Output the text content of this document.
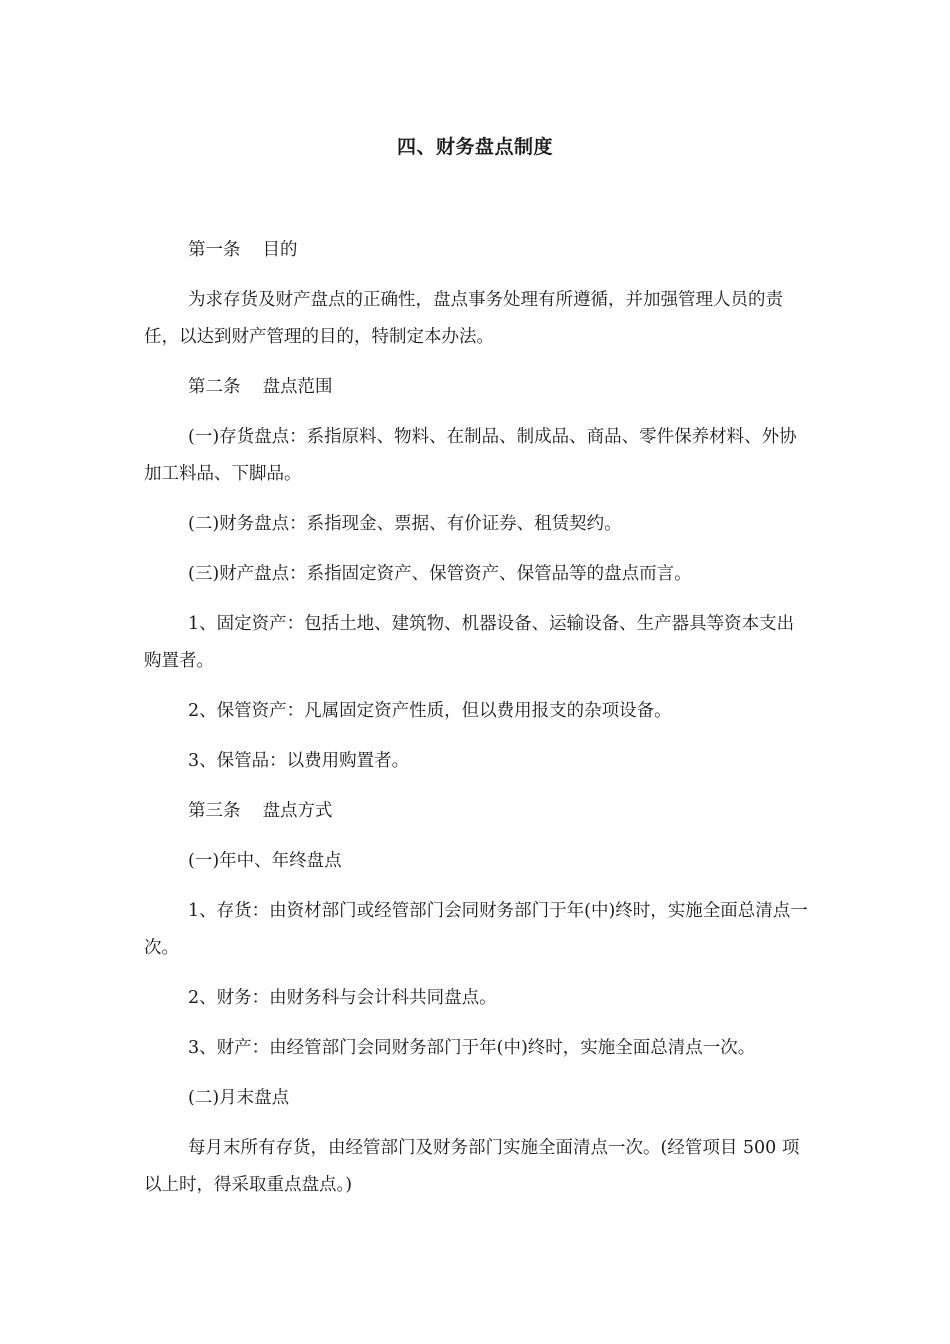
四、财务盘点制度

第一条 目的

为求存货及财产盘点的正确性，盘点事务处理有所遵循，并加强管理人员的责任，以达到财产管理的目的，特制定本办法。

第二条 盘点范围

(一)存货盘点：系指原料、物料、在制品、制成品、商品、零件保养材料、外协加工料品、下脚品。

(二)财务盘点：系指现金、票据、有价证券、租赁契约。

(三)财产盘点：系指固定资产、保管资产、保管品等的盘点而言。

1、固定资产：包括土地、建筑物、机器设备、运输设备、生产器具等资本支出购置者。

2、保管资产：凡属固定资产性质，但以费用报支的杂项设备。

3、保管品：以费用购置者。

第三条 盘点方式

(一)年中、年终盘点

1、存货：由资材部门或经管部门会同财务部门于年(中)终时，实施全面总清点一次。

2、财务：由财务科与会计科共同盘点。

3、财产：由经管部门会同财务部门于年(中)终时，实施全面总清点一次。

(二)月末盘点

每月末所有存货，由经管部门及财务部门实施全面清点一次。(经管项目 500 项以上时，得采取重点盘点。)
